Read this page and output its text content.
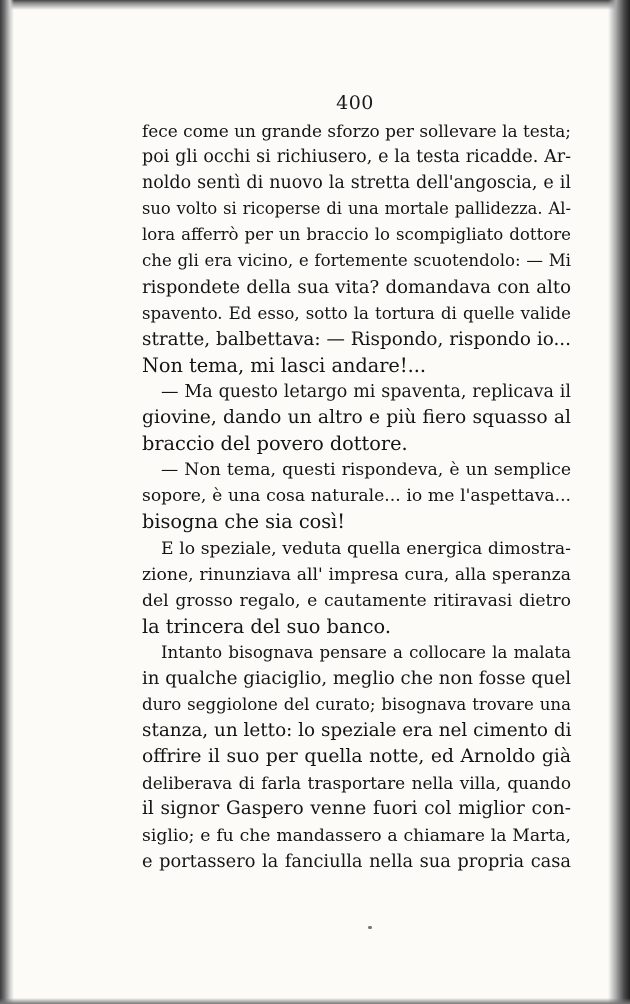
400
fece come un grande sforzo per sollevare la testa;
poi gli occhi si richiusero, e la testa ricadde. Ar-
noldo sentì di nuovo la stretta dell'angoscia, e il
suo volto si ricoperse di una mortale pallidezza. Al-
lora afferrò per un braccio lo scompigliato dottore
che gli era vicino, e fortemente scuotendolo: — Mi
rispondete della sua vita? domandava con alto
spavento. Ed esso, sotto la tortura di quelle valide
stratte, balbettava: — Rispondo, rispondo io...
Non tema, mi lasci andare!...
— Ma questo letargo mi spaventa, replicava il
giovine, dando un altro e più fiero squasso al
braccio del povero dottore.
— Non tema, questi rispondeva, è un semplice
sopore, è una cosa naturale... io me l'aspettava...
bisogna che sia così!
E lo speziale, veduta quella energica dimostra-
zione, rinunziava all' impresa cura, alla speranza
del grosso regalo, e cautamente ritiravasi dietro
la trincera del suo banco.
Intanto bisognava pensare a collocare la malata
in qualche giaciglio, meglio che non fosse quel
duro seggiolone del curato; bisognava trovare una
stanza, un letto: lo speziale era nel cimento di
offrire il suo per quella notte, ed Arnoldo già
deliberava di farla trasportare nella villa, quando
il signor Gaspero venne fuori col miglior con-
siglio; e fu che mandassero a chiamare la Marta,
e portassero la fanciulla nella sua propria casa
